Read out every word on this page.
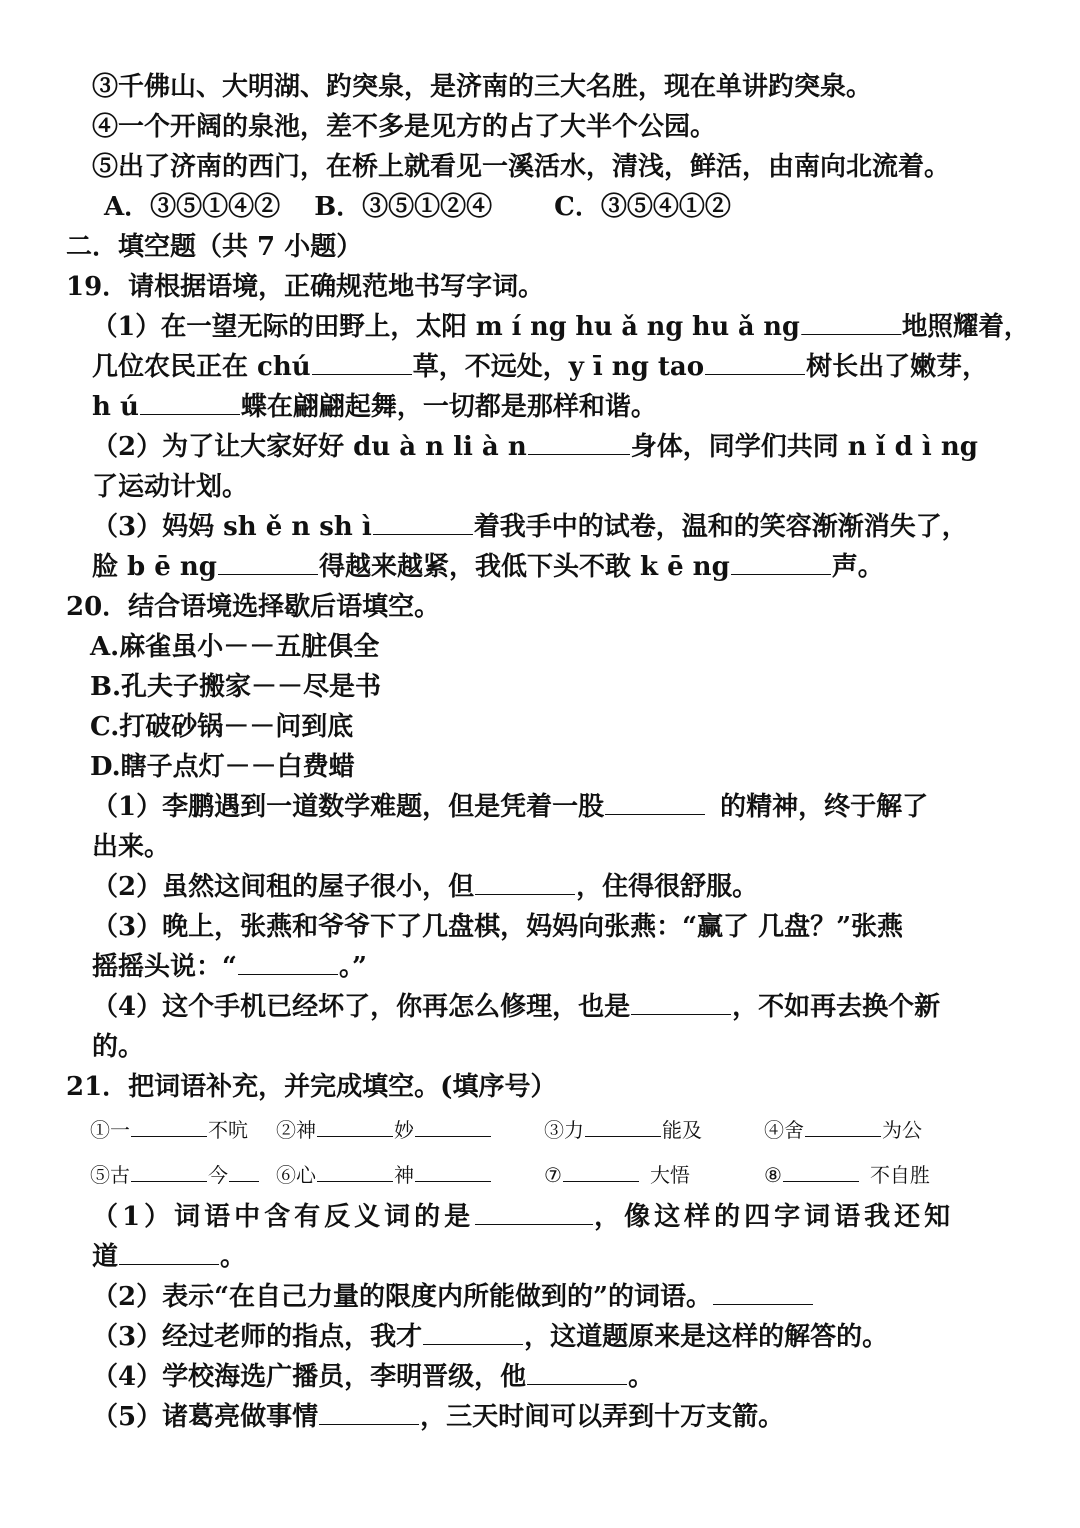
③千佛山、大明湖、趵突泉，是济南的三大名胜，现在单讲趵突泉。
④一个开阔的泉池，差不多是见方的占了大半个公园。
⑤出了济南的西门，在桥上就看见一溪活水，清浅，鲜活，由南向北流着。
A．③⑤①④② B．③⑤①②④ C．③⑤④①②
二．填空题（共 7 小题）
19．请根据语境，正确规范地书写字词。
（1）在一望无际的田野上，太阳 m í ng hu ǎ ng hu ǎ ng	地照耀着，
几位农民正在 chú	草，不远处，y ī ng tao	树长出了嫩芽，
h ú	蝶在翩翩起舞，一切都是那样和谐。
（2）为了让大家好好 du à n li à n	身体，同学们共同 n ǐ d ì ng
了运动计划。
（3）妈妈 sh ě n sh ì	着我手中的试卷，温和的笑容渐渐消失了，
脸 b ē ng	得越来越紧，我低下头不敢 k ē ng	声。
20．结合语境选择歇后语填空。
A.麻雀虽小－－五脏俱全
B.孔夫子搬家－－尽是书
C.打破砂锅－－问到底
D.瞎子点灯－－白费蜡
（1）李鹏遇到一道数学难题，但是凭着一股	的精神，终于解了
出来。
（2）虽然这间租的屋子很小，但	，住得很舒服。
（3）晚上，张燕和爷爷下了几盘棋，妈妈向张燕：“赢了 几盘？”张燕
摇摇头说：“	。”
（4）这个手机已经坏了，你再怎么修理，也是	，不如再去换个新
的。
21．把词语补充，并完成填空。(填序号）
①一	不吭 ②神	妙	③力	能及	④舍	为公
⑤古	今	⑥心	神	⑦	大悟	⑧	不自胜
（1）词语中含有反义词的是	，像这样的四字词语我还知
道	。
（2）表示“在自己力量的限度内所能做到的”的词语。
（3）经过老师的指点，我才	，这道题原来是这样的解答的。
（4）学校海选广播员，李明晋级，他	。
（5）诸葛亮做事情	，三天时间可以弄到十万支箭。
